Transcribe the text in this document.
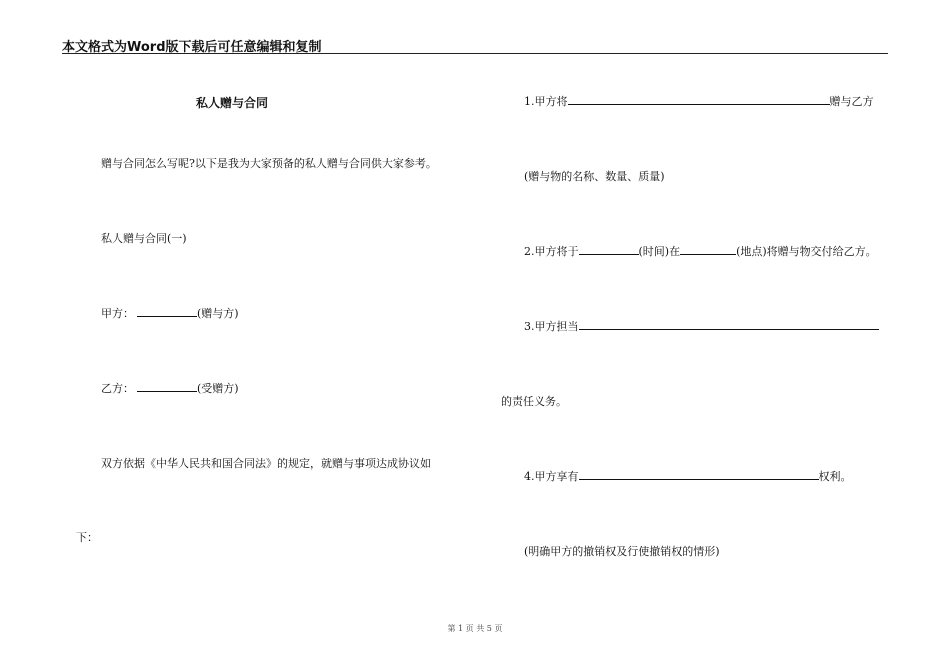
本文格式为Word版下载后可任意编辑和复制
私人赠与合同
赠与合同怎么写呢?以下是我为大家预备的私人赠与合同供大家参考。
私人赠与合同(一)
甲方：	(赠与方)
乙方：	(受赠方)
双方依据《中华人民共和国合同法》的规定，就赠与事项达成协议如
下：
1.甲方将	赠与乙方
(赠与物的名称、数量、质量)
2.甲方将于	(时间)在	(地点)将赠与物交付给乙方。
3.甲方担当
的责任义务。
4.甲方享有	权利。
(明确甲方的撤销权及行使撤销权的情形)
第 1 页 共 5 页
